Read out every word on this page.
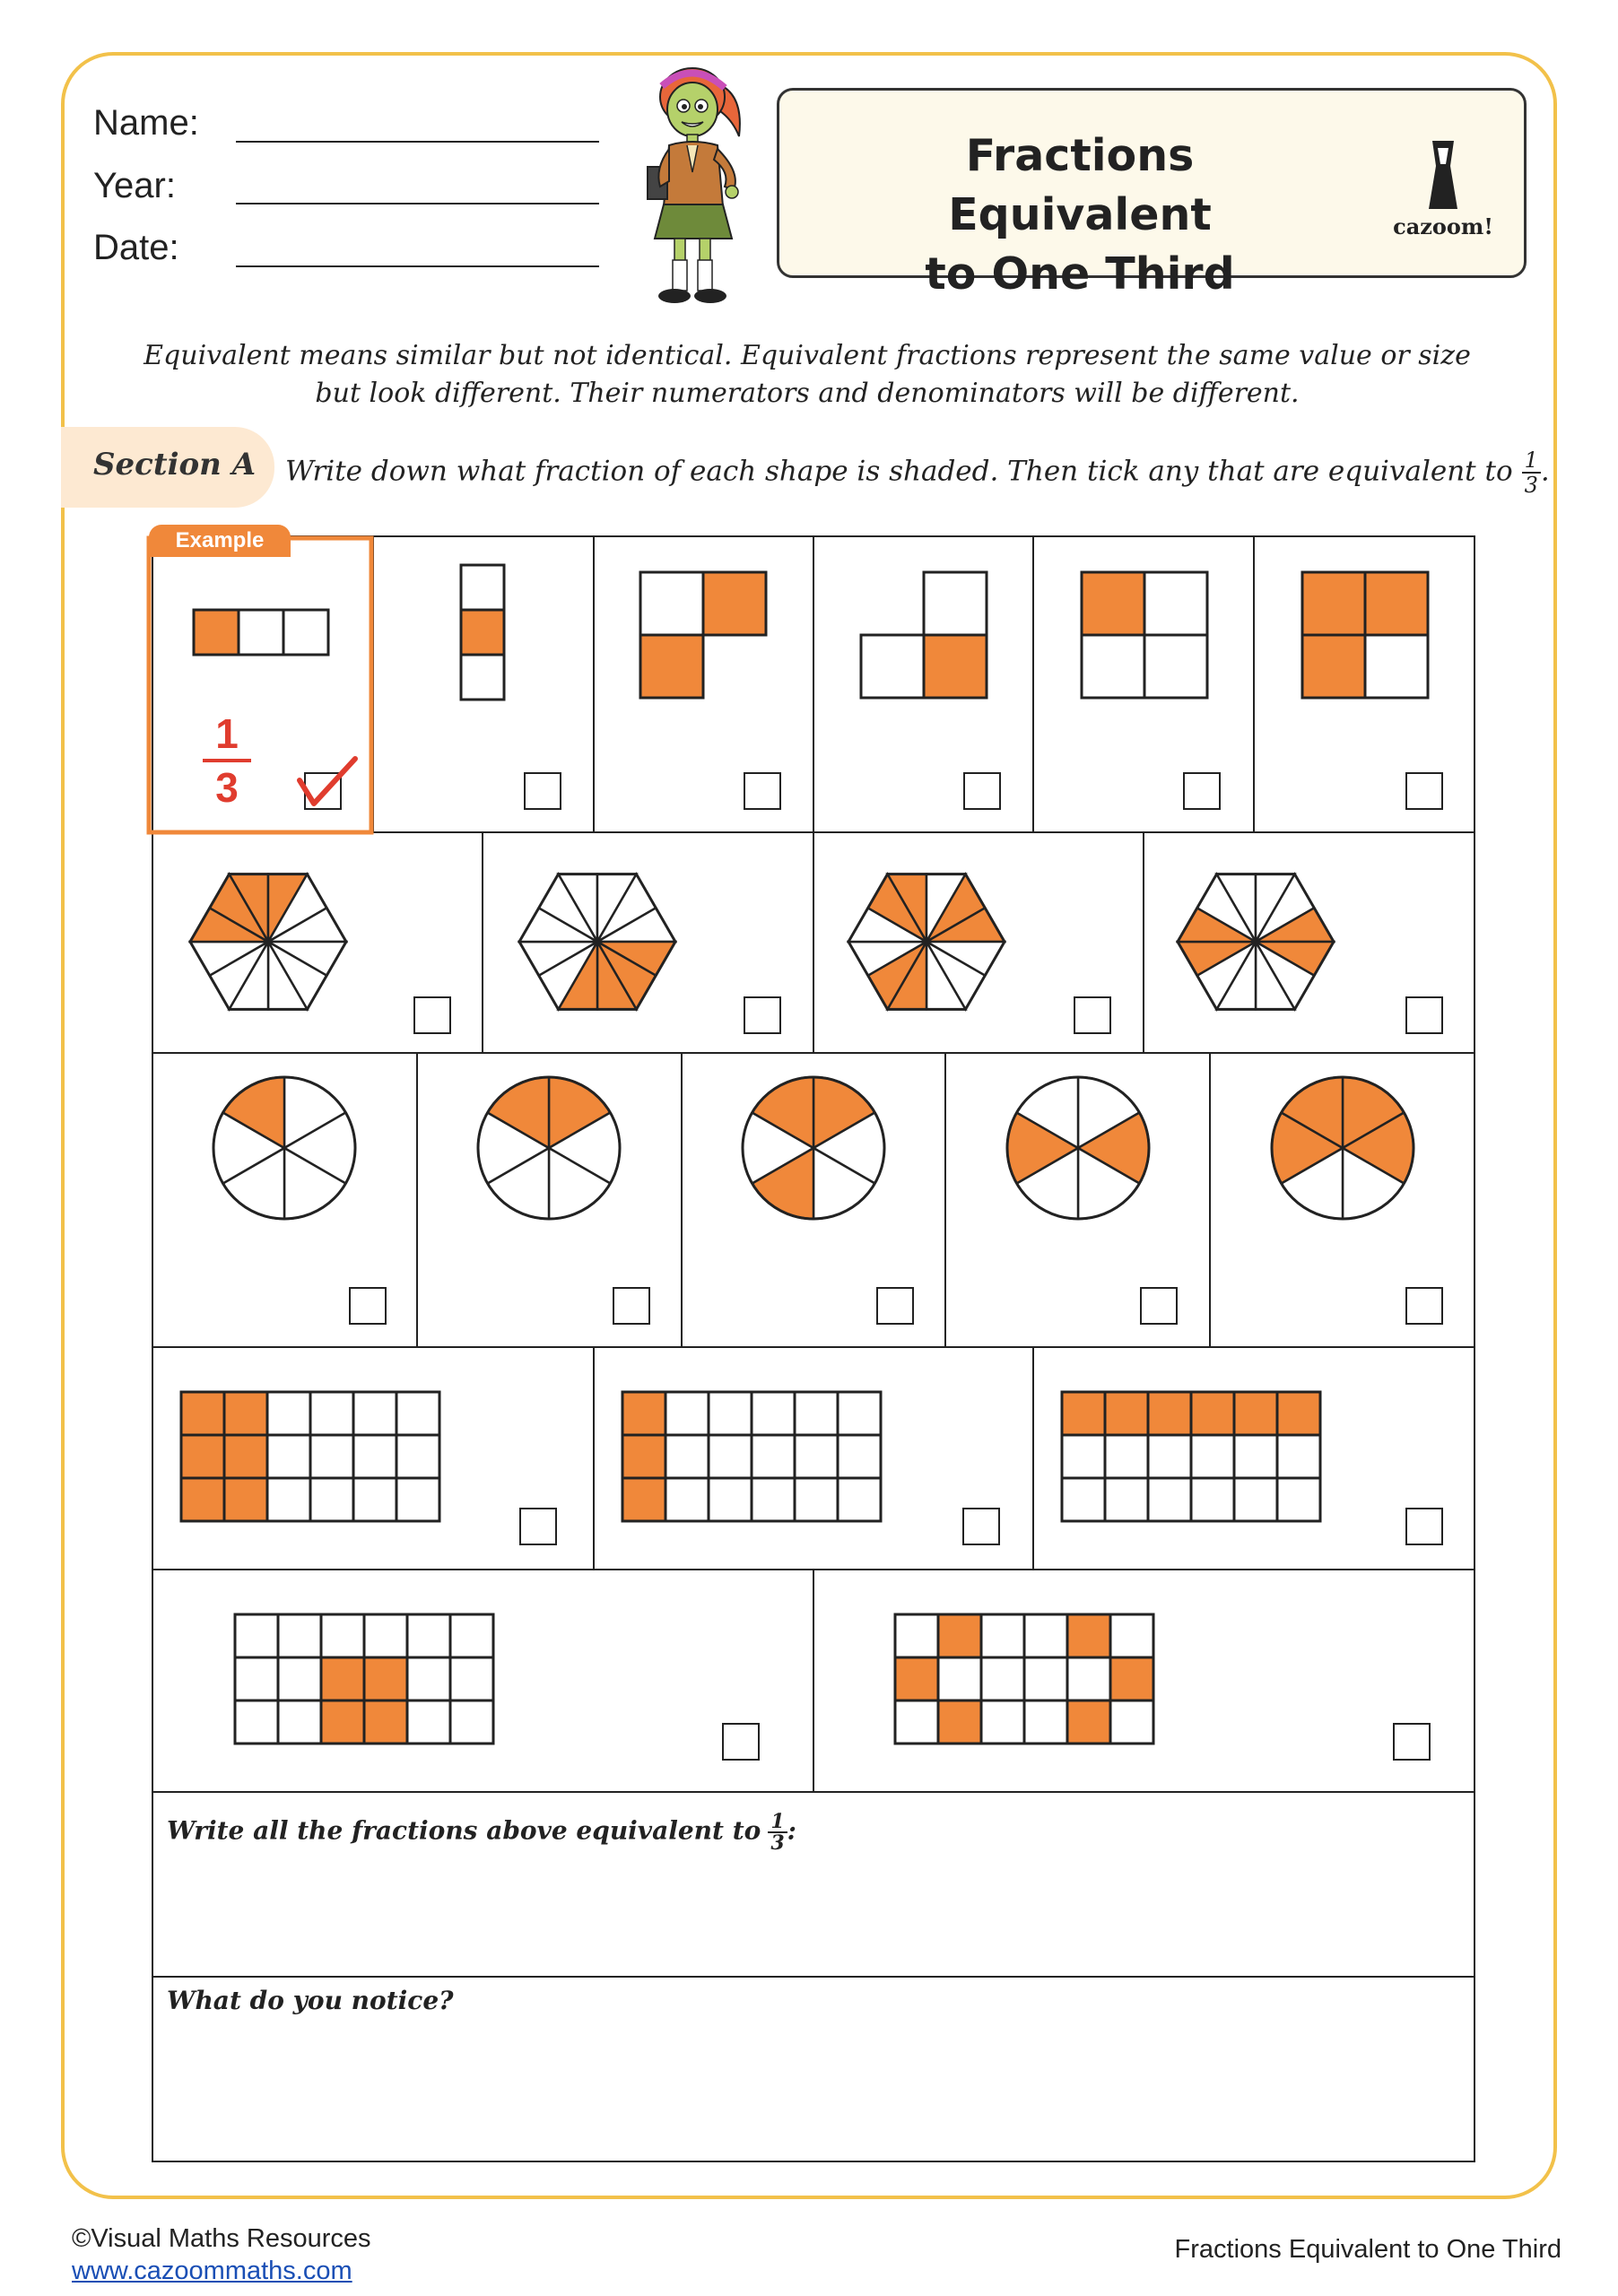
Name:
Year:
Date:
Fractions Equivalent
to One Third
cazoom!
Equivalent means similar but not identical. Equivalent fractions represent the same value or size
but look different. Their numerators and denominators will be different.
Section A Write down what fraction of each shape is shaded. Then tick any that are equivalent to $\frac{1}{3}$.
Example
1
3
Write all the fractions above equivalent to $\frac{1}{3}$:
What do you notice?
©Visual Maths Resources
www.cazoommaths.com
Fractions Equivalent to One Third
